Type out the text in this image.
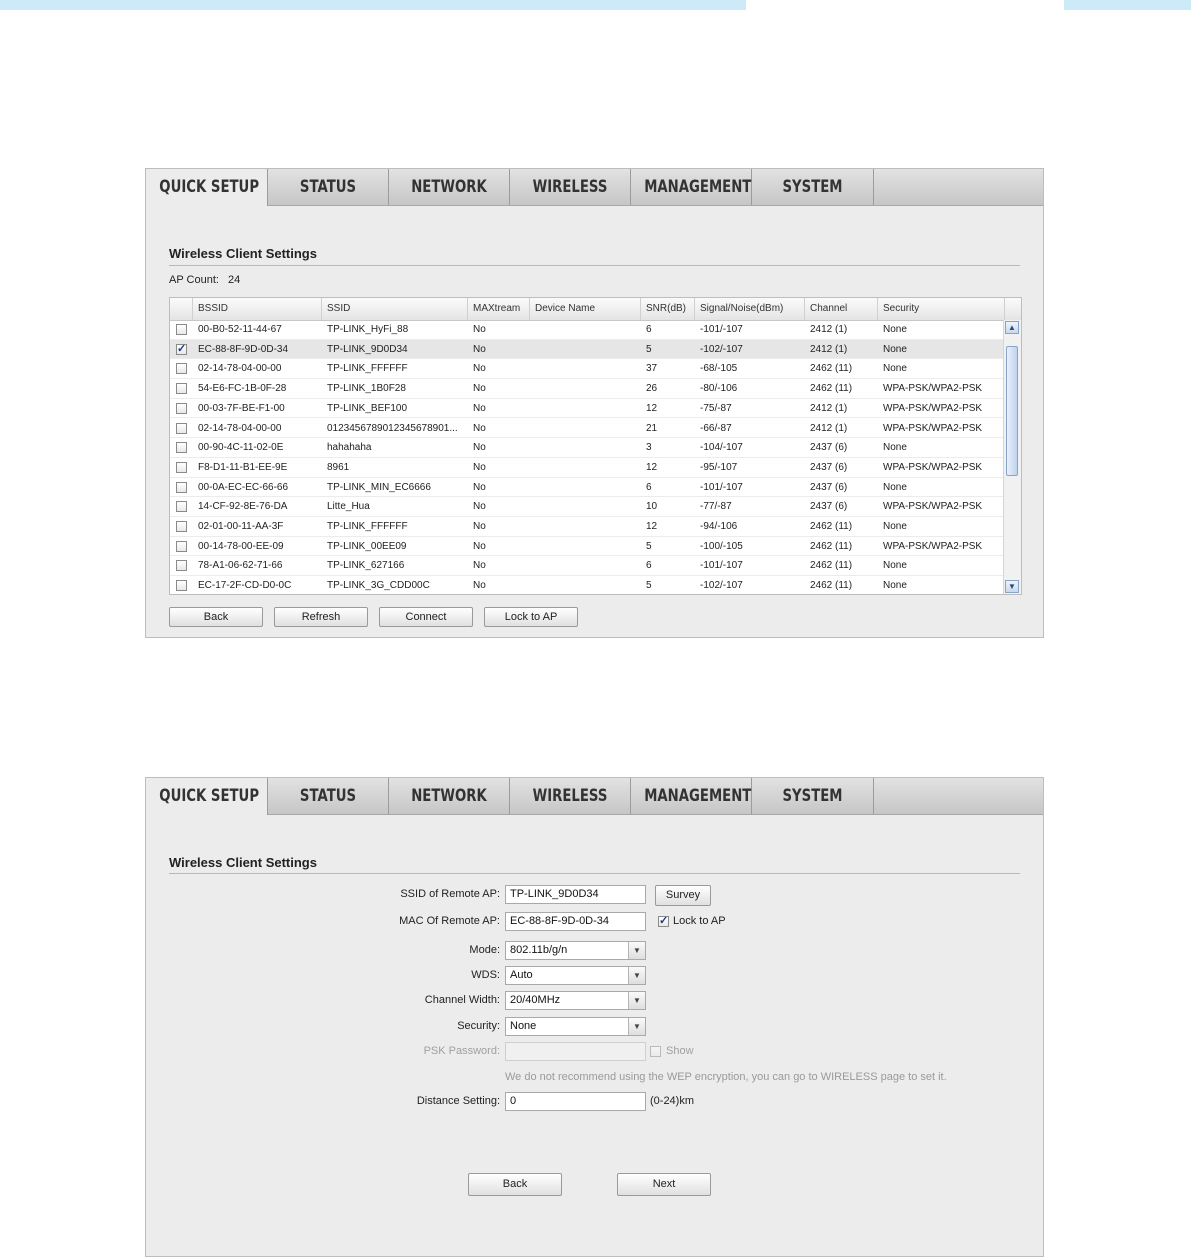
QUICK SETUP	STATUS	NETWORK	WIRELESS	MANAGEMENT	SYSTEM
Wireless Client Settings
AP Count: 24
BSSID	SSID	MAXtream	Device Name	SNR(dB)	Signal/Noise(dBm)	Channel	Security
00-B0-52-11-44-67	TP-LINK_HyFi_88	No	6	-101/-107	2412 (1)	None
✓
EC-88-8F-9D-0D-34	TP-LINK_9D0D34	No	5	-102/-107	2412 (1)	None
02-14-78-04-00-00	TP-LINK_FFFFFF	No	37	-68/-105	2462 (11)	None
54-E6-FC-1B-0F-28	TP-LINK_1B0F28	No	26	-80/-106	2462 (11)	WPA-PSK/WPA2-PSK
00-03-7F-BE-F1-00	TP-LINK_BEF100	No	12	-75/-87	2412 (1)	WPA-PSK/WPA2-PSK
02-14-78-04-00-00	0123456789012345678901...	No	21	-66/-87	2412 (1)	WPA-PSK/WPA2-PSK
00-90-4C-11-02-0E	hahahaha	No	3	-104/-107	2437 (6)	None
F8-D1-11-B1-EE-9E	8961	No	12	-95/-107	2437 (6)	WPA-PSK/WPA2-PSK
00-0A-EC-EC-66-66	TP-LINK_MIN_EC6666	No	6	-101/-107	2437 (6)	None
14-CF-92-8E-76-DA	Litte_Hua	No	10	-77/-87	2437 (6)	WPA-PSK/WPA2-PSK
02-01-00-11-AA-3F	TP-LINK_FFFFFF	No	12	-94/-106	2462 (11)	None
00-14-78-00-EE-09	TP-LINK_00EE09	No	5	-100/-105	2462 (11)	WPA-PSK/WPA2-PSK
78-A1-06-62-71-66	TP-LINK_627166	No	6	-101/-107	2462 (11)	None
EC-17-2F-CD-D0-0C	TP-LINK_3G_CDD00C	No	5	-102/-107	2462 (11)	None
▲
▼
Back	Refresh	Connect	Lock to AP
QUICK SETUP	STATUS	NETWORK	WIRELESS	MANAGEMENT	SYSTEM
Wireless Client Settings
SSID of Remote AP: TP-LINK_9D0D34	Survey
MAC Of Remote AP: EC-88-8F-9D-0D-34
✓	Lock to AP
Mode: 802.11b/g/n	▼
WDS: Auto	▼
Channel Width: 20/40MHz	▼
Security: None	▼
PSK Password:	Show
We do not recommend using the WEP encryption, you can go to WIRELESS page to set it.
Distance Setting: 0	(0-24)km
Back	Next
